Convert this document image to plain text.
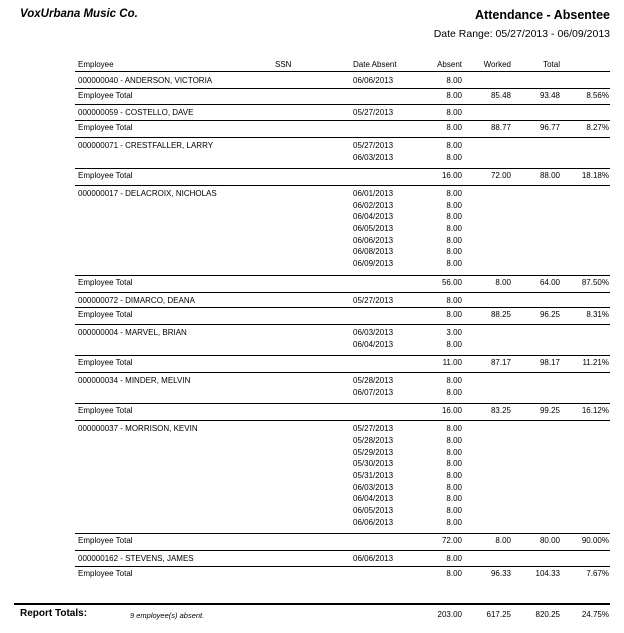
VoxUrbana Music Co.	Attendance - Absentee
Date Range: 05/27/2013 - 06/09/2013
Employee	SSN	Date Absent	Absent	Worked	Total
000000040 - ANDERSON, VICTORIA	06/06/2013	8.00
Employee Total	8.00	85.48	93.48	8.56%
000000059 - COSTELLO, DAVE	05/27/2013	8.00
Employee Total	8.00	88.77	96.77	8.27%
000000071 - CRESTFALLER, LARRY	05/27/2013	8.00
06/03/2013	8.00
Employee Total	16.00	72.00	88.00	18.18%
000000017 - DELACROIX, NICHOLAS	06/01/2013	8.00
06/02/2013	8.00
06/04/2013	8.00
06/05/2013	8.00
06/06/2013	8.00
06/08/2013	8.00
06/09/2013	8.00
Employee Total	56.00	8.00	64.00	87.50%
000000072 - DIMARCO, DEANA	05/27/2013	8.00
Employee Total	8.00	88.25	96.25	8.31%
000000004 - MARVEL, BRIAN	06/03/2013	3.00
06/04/2013	8.00
Employee Total	11.00	87.17	98.17	11.21%
000000034 - MINDER, MELVIN	05/28/2013	8.00
06/07/2013	8.00
Employee Total	16.00	83.25	99.25	16.12%
000000037 - MORRISON, KEVIN	05/27/2013	8.00
05/28/2013	8.00
05/29/2013	8.00
05/30/2013	8.00
05/31/2013	8.00
06/03/2013	8.00
06/04/2013	8.00
06/05/2013	8.00
06/06/2013	8.00
Employee Total	72.00	8.00	80.00	90.00%
000000162 - STEVENS, JAMES	06/06/2013	8.00
Employee Total	8.00	96.33	104.33	7.67%
Report Totals:	9 employee(s) absent.	203.00	617.25	820.25	24.75%
